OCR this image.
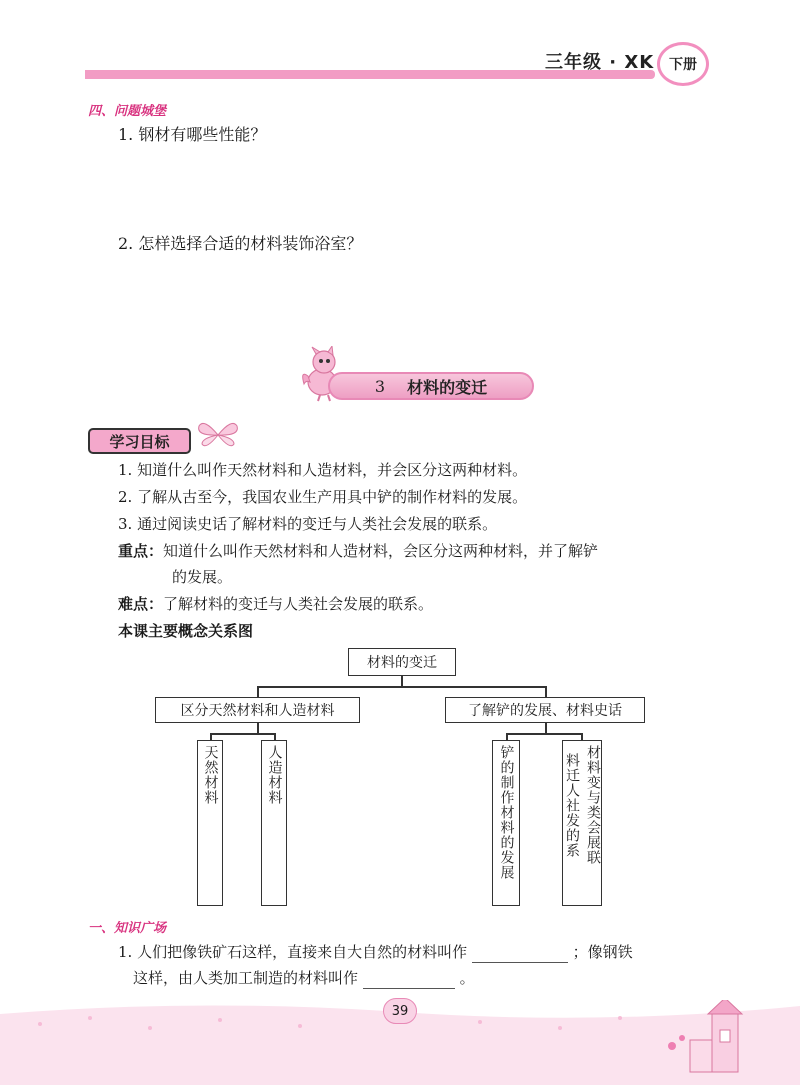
三年级 · XK 下册
四、问题城堡
1. 钢材有哪些性能？
2. 怎样选择合适的材料装饰浴室？
3 材料的变迁
学习目标
1. 知道什么叫作天然材料和人造材料，并会区分这两种材料。
2. 了解从古至今，我国农业生产用具中铲的制作材料的发展。
3. 通过阅读史话了解材料的变迁与人类社会发展的联系。
重点：知道什么叫作天然材料和人造材料，会区分这两种材料，并了解铲
的发展。
难点：了解材料的变迁与人类社会发展的联系。
本课主要概念关系图
材料的变迁
区分天然材料和人造材料	了解铲的发展、材料史话
天然材料	人造材料	铲的制作材料的发展	材料变与类会展联
料迁人社发的系
一、知识广场
1. 人们把像铁矿石这样，直接来自大自然的材料叫作	；像钢铁
这样，由人类加工制造的材料叫作	。
39
